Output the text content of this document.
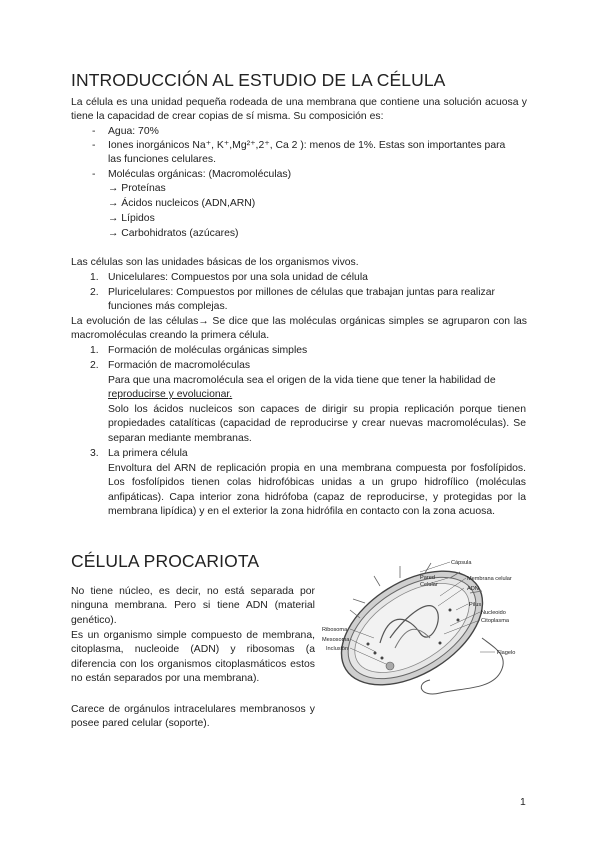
INTRODUCCIÓN AL ESTUDIO DE LA CÉLULA

La célula es una unidad pequeña rodeada de una membrana que contiene una solución acuosa y tiene la capacidad de crear copias de sí misma. Su composición es:

- Agua: 70%

- Iones inorgánicos Na⁺, K⁺,Mg²⁺,2⁺, Ca 2 ): menos de 1%. Estas son importantes para

las funciones celulares.

- Moléculas orgánicas: (Macromoléculas)

→ Proteínas

→ Ácidos nucleicos (ADN,ARN)

→ Lípidos

→ Carbohidratos (azúcares)

Las células son las unidades básicas de los organismos vivos.

1. Unicelulares: Compuestos por una sola unidad de célula

2. Pluricelulares: Compuestos por millones de células que trabajan juntas para realizar

funciones más complejas.

La evolución de las células→ Se dice que las moléculas orgánicas simples se agruparon con las macromoléculas creando la primera célula.

1. Formación de moléculas orgánicas simples

2. Formación de macromoléculas

Para que una macromolécula sea el origen de la vida tiene que tener la habilidad de

reproducirse y evolucionar.

Solo los ácidos nucleicos son capaces de dirigir su propia replicación porque tienen propiedades catalíticas (capacidad de reproducirse y crear nuevas macromoléculas). Se separan mediante membranas.

3. La primera célula

Envoltura del ARN de replicación propia en una membrana compuesta por fosfolípidos. Los fosfolípidos tienen colas hidrofóbicas unidas a un grupo hidrofílico (moléculas anfipáticas). Capa interior zona hidrófoba (capaz de reproducirse, y protegidas por la membrana lipídica) y en el exterior la zona hidrófila en contacto con la zona acuosa.

CÉLULA PROCARIOTA

No tiene núcleo, es decir, no está separada por ninguna membrana. Pero si tiene ADN (material genético).

Es un organismo simple compuesto de membrana, citoplasma, nucleoide (ADN) y ribosomas (a diferencia con los organismos citoplasmáticos estos no están separados por una membrana).

Carece de orgánulos intracelulares membranosos y posee pared celular (soporte).

Cápsula
Pared
Celular
Membrana celular
ADN
Pilus
Nucleoido
Citoplasma
Ribosoma
Mesosoma
Inclusión
Flagelo
1
